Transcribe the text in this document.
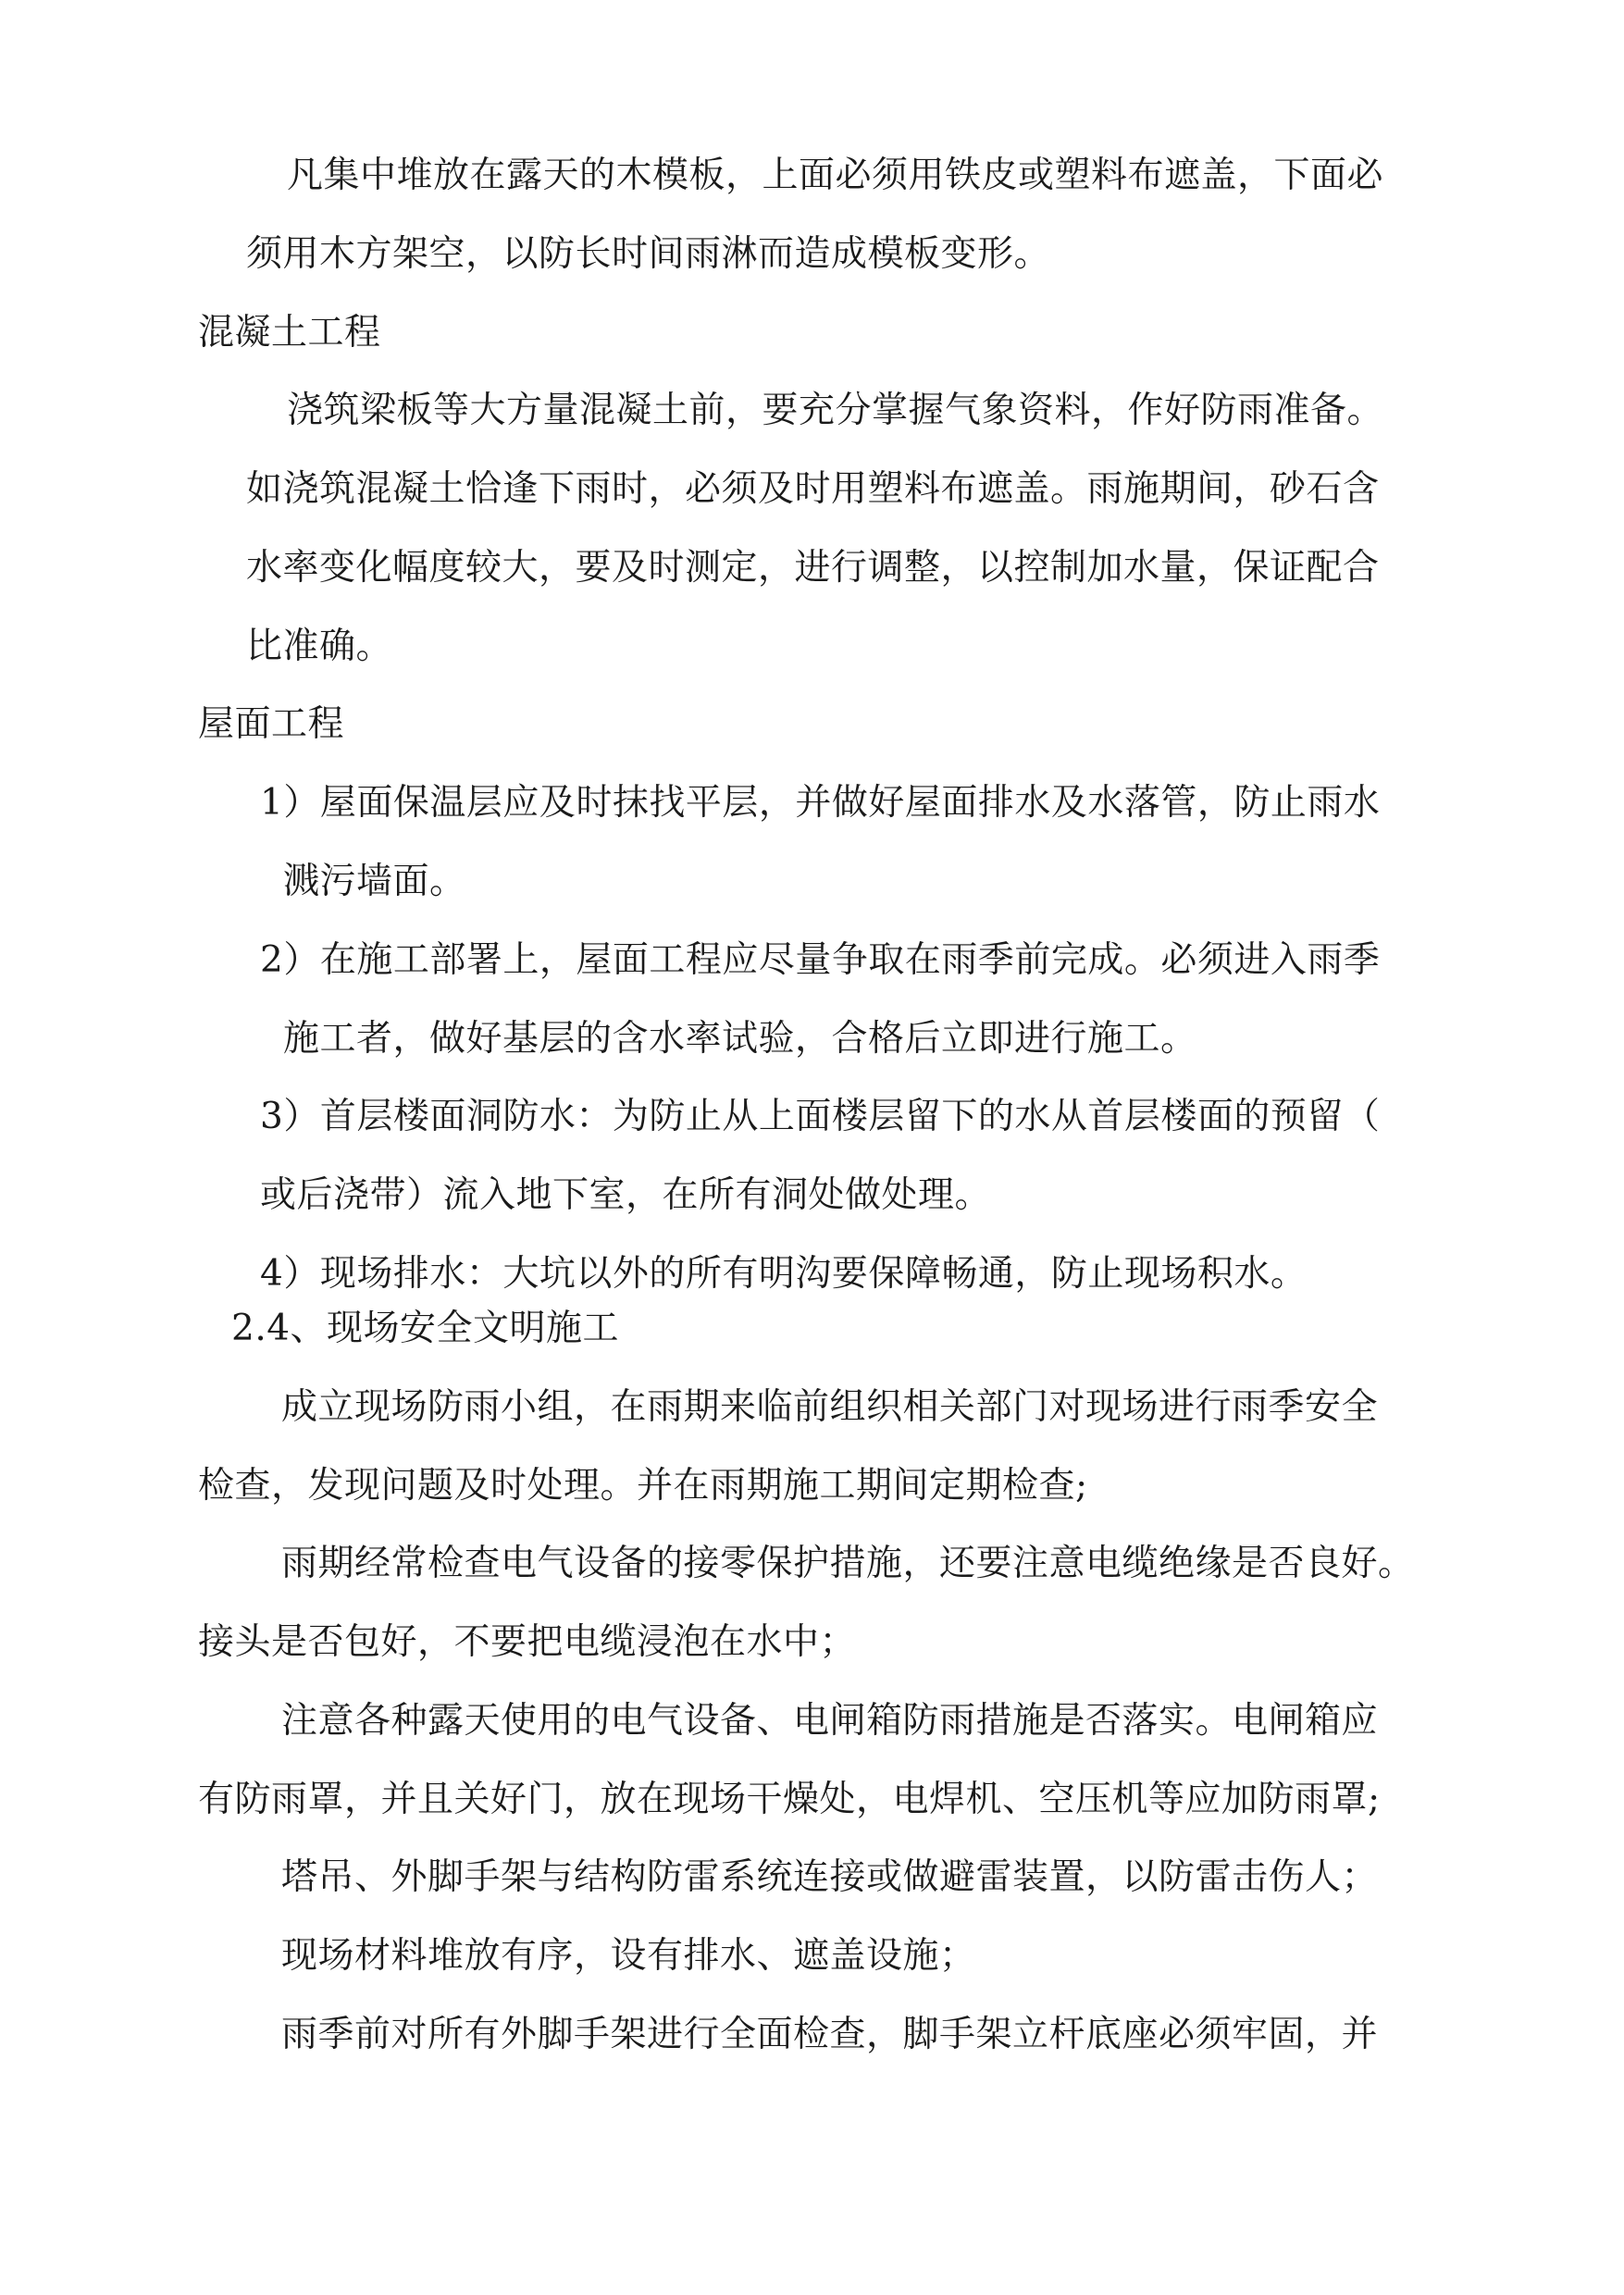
凡集中堆放在露天的木模板，上面必须用铁皮或塑料布遮盖，下面必
须用木方架空，以防长时间雨淋而造成模板变形。
混凝土工程
浇筑梁板等大方量混凝土前，要充分掌握气象资料，作好防雨准备。
如浇筑混凝土恰逢下雨时，必须及时用塑料布遮盖。雨施期间，砂石含
水率变化幅度较大，要及时测定，进行调整，以控制加水量，保证配合
比准确。
屋面工程
1）屋面保温层应及时抹找平层，并做好屋面排水及水落管，防止雨水
溅污墙面。
2）在施工部署上，屋面工程应尽量争取在雨季前完成。必须进入雨季
施工者，做好基层的含水率试验，合格后立即进行施工。
3）首层楼面洞防水：为防止从上面楼层留下的水从首层楼面的预留（
或后浇带）流入地下室，在所有洞处做处理。
4）现场排水：大坑以外的所有明沟要保障畅通，防止现场积水。
2.4、现场安全文明施工
成立现场防雨小组，在雨期来临前组织相关部门对现场进行雨季安全
检查，发现问题及时处理。并在雨期施工期间定期检查;
雨期经常检查电气设备的接零保护措施，还要注意电缆绝缘是否良好。
接头是否包好，不要把电缆浸泡在水中；
注意各种露天使用的电气设备、电闸箱防雨措施是否落实。电闸箱应
有防雨罩，并且关好门，放在现场干燥处，电焊机、空压机等应加防雨罩;
塔吊、外脚手架与结构防雷系统连接或做避雷装置，以防雷击伤人；
现场材料堆放有序，设有排水、遮盖设施；
雨季前对所有外脚手架进行全面检查，脚手架立杆底座必须牢固，并
